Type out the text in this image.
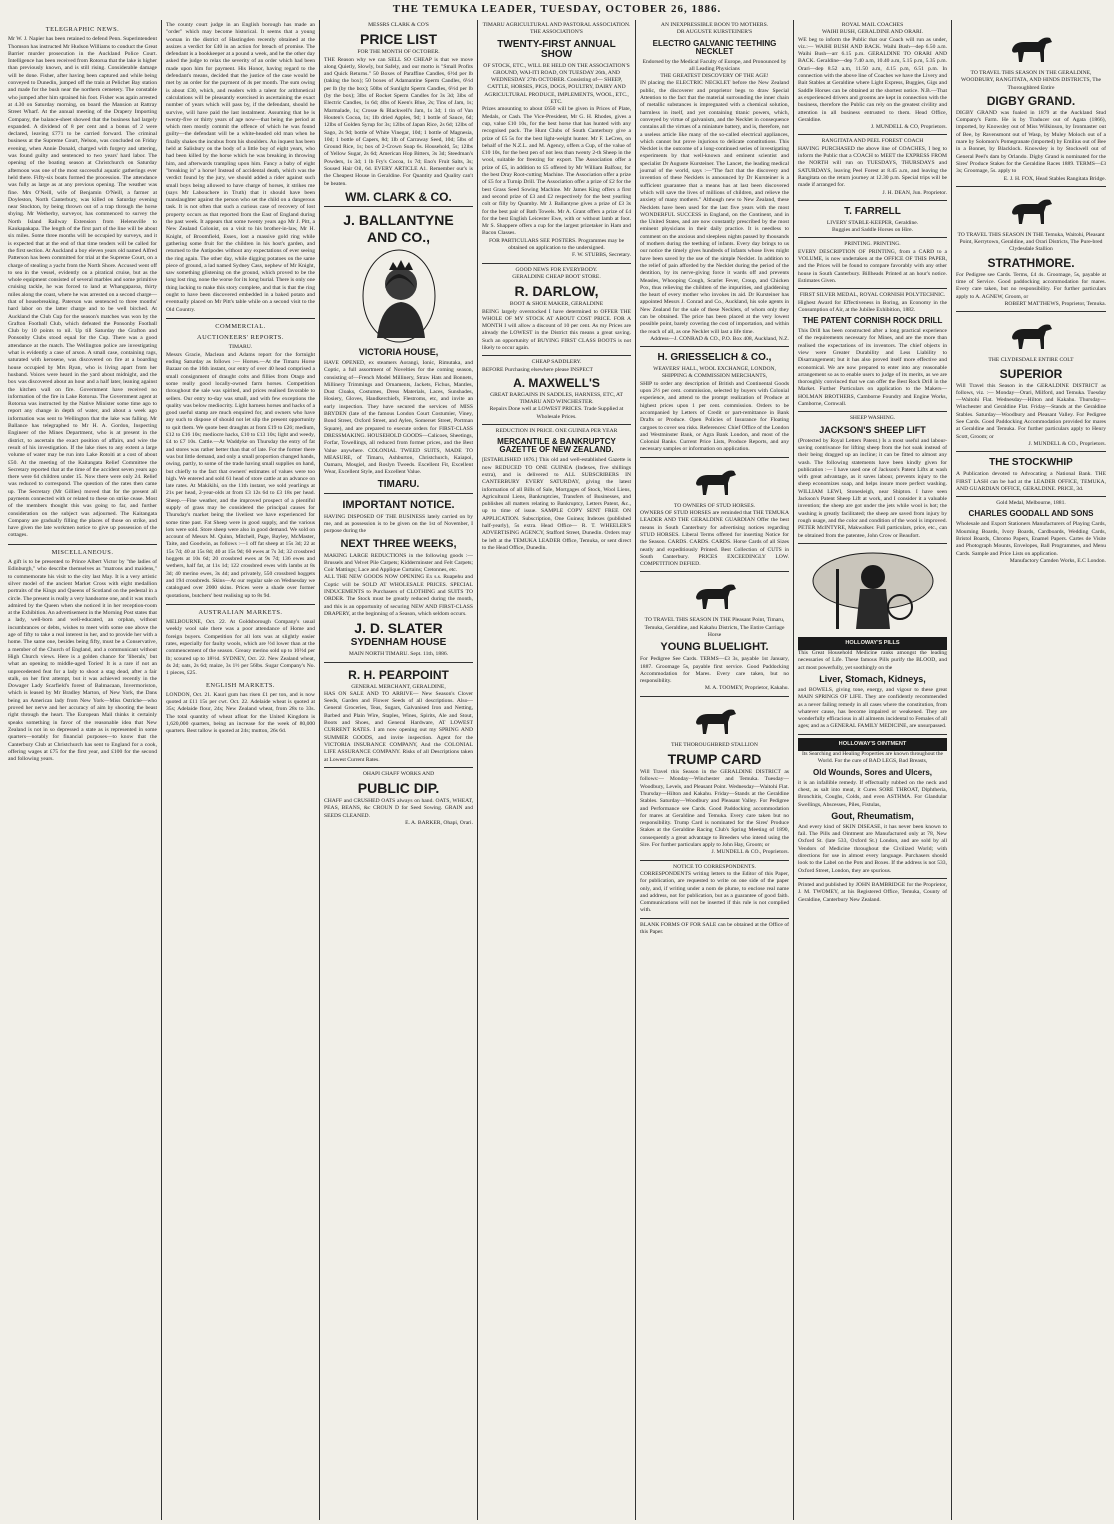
THE TEMUKA LEADER, TUESDAY, OCTOBER 26, 1886.
TELEGRAPHIC NEWS.
Mr W. J. Napier has been retained to defend Penn. Superintendent Thomson has instructed Mr Hudson Williams to conduct the Great Barrier murder prosecution in the Auckland Police Court. Intelligence has been received from Rotorua that the lake is higher than previously known, and is still rising. Considerable damage will be done. Fisher, after having been captured and while being conveyed to Dunedin, jumped off the train at Pelichet Bay station and made for the bush near the northern cemetery. The constable who jumped after him sprained his foot. Fisher was again arrested at 4.30 on Saturday morning, on board the Mansion at Rattray Street Wharf. At the annual meeting of the Drapery Importing Company, the balance-sheet showed that the business had largely expanded. A dividend of 8 per cent and a bonus of 2 were declared, leaving £771 to be carried forward. The criminal business at the Supreme Court, Nelson, was concluded on Friday evening, when Annie Donald, charged with forgery and uttering, was found guilty and sentenced to two years' hard labor. The opening of the boating season at Christchurch on Saturday afternoon was one of the most successful aquatic gatherings ever held there. Fifty-six boats formed the procession. The attendance was fully as large as at any previous opening. The weather was fine. Mrs O'Neill, wife of Benjamin O'Neill, a farmer at Doyleston, North Canterbury, was killed on Saturday evening near Stockton, by being thrown out of a trap through the horse shying. Mr Wetherby, surveyor, has commenced to survey the North Island Railway Extension from Helensville to Kaukapakapa. The length of the first part of the line will be about six miles. Some three months will be occupied by surveys, and it is expected that at the end of that time tenders will be called for the first section. At Auckland a boy eleven years old named Alfred Patterson has been committed for trial at the Supreme Court, on a charge of stealing a yacht from the North Shore. Accused went off to sea in the vessel, evidently on a piratical cruise, but as the whole equipment consisted of several marbles and some primitive cruising tackle, he was forced to land at Whangaparoa, thirty miles along the coast, where he was arrested on a second charge—that of housebreaking. Paterson was sentenced to three months' hard labor on the latter charge and to be well birched. At Auckland the Club Cup for the season's matches was won by the Grafton Football Club, which defeated the Ponsonby Football Club by 10 points to nil. Up till Saturday the Grafton and Ponsonby Clubs stood equal for the Cup. There was a good attendance at the match. The Wellington police are investigating what is evidently a case of arson. A small case, containing rags, saturated with kerosene, was discovered on fire at a boarding house occupied by Mrs Ryan, who is living apart from her husband. Voices were heard in the yard about midnight, and the box was discovered about an hour and a half later, leaning against the kitchen wall on fire. Government have received no information of the fire in Lake Rotorua. The Government agent at Rotorua was instructed by the Native Minister some time ago to report any change in depth of water, and about a week ago information was sent to Wellington that the lake was falling. Mr Ballance has telegraphed to Mr H. A. Gordon, Inspecting Engineer of the Mines Department, who is at present in the district, to ascertain the exact position of affairs, and wire the result of his investigation. If the lake rises to any extent a large volume of water may be run into Lake Rotoiti at a cost of about £50. At the meeting of the Kaitangata Relief Committee the Secretary reported that at the time of the accident seven years ago there were 64 children under 15. Now there were only 24. Relief was reduced to correspond. The question of the rates then came up. The Secretary (Mr Gillies) moved that for the present all payments connected with or related to these on strike cease. Most of the members thought this was going to far, and further consideration on the subject was adjourned. The Kaitangata Company are gradually filling the places of those on strike, and have given the late workmen notice to give up possession of the cottages.
MISCELLANEOUS.
A gift is to be presented to Prince Albert Victor by "the ladies of Edinburgh," who describe themselves as "matrons and maidens," to commemorate his visit to the city last May. It is a very artistic silver model of the ancient Market Cross with eight medallion portraits of the Kings and Queens of Scotland on the pedestal in a circle. The present is really a very handsome one, and it was much admired by the Queen when she noticed it in her reception-room at the Exhibition. An advertisement in the Morning Post states that a lady, well-born and well-educated, an orphan, without incumbrances or debts, wishes to meet with some one above the age of fifty to take a real interest in her, and to provide her with a home. The same one, besides being fifty, must be a Conservative, a member of the Church of England, and a communicant without High Church views. Here is a golden chance for 'liberals,' but what an opening to middle-aged Tories! It is a rare if not an unprecedented feat for a lady to shoot a stag dead, after a fair stalk, on her first attempt, but it was achieved recently in the Dowager Lady Scarfield's forest of Balmacaan, Invermoriston, which is leased by Mr Bradley Marton, of New York, the Dans being an American lady from New York—Miss Ostriche—who proved her nerve and her accuracy of aim by shooting the beast right through the heart. The European Mail thinks it certainly speaks something in favor of the reasonable idea that New Zealand is not in so depressed a state as is represented in some quarters—notably for financial purposes—to know that the Canterbury Club at Christchurch has sent to England for a cook, offering wages at £75 for the first year, and £100 for the second and following years.
The county court judge in an English borough has made an "order" which may become historical. It seems that a young woman in the district of Hastingden recently obtained at the assizes a verdict for £40 in an action for breach of promise. The defendant is a bookkeeper at a pound a week, and he the other day asked the judge to relax the severity of an order which had been made upon him for payment. His Honor, having regard to the defendant's means, decided that the justice of the case would be met by an order for the payment of 4s per month. The sum owing is about £30, which, and readers with a talent for arithmetical calculations will be pleasantly exercised in ascertaining the exact number of years which will pass by, if the defendant, should he survive, will have paid the last instalment. Assuming that he is twenty-five or thirty years of age now—that being the period at which men mostly commit the offence of which he was found guilty—the defendant will be a white-headed old man when he finally shakes the incubus from his shoulders. An inquest has been held at Salisbury on the body of a little boy of eight years, who had been killed by the horse which he was breaking in throwing him, and afterwards trampling upon him. Fancy a baby of eight "breaking in" a horse! Instead of accidental death, which was the verdict found by the jury, we should added a rider against such small boys being allowed to have charge of horses, it strikes me (says Mr Labouchere in Truth) that it should have been manslaughter against the person who set the child on a dangerous task. It is not often that such a curious case of recovery of lost property occurs as that reported from the East of England during the past week. It appears that some twenty years ago Mr J. Pitt, a New Zealand Colonist, on a visit to his brother-in-law, Mr H. Knight, of Broomfield, Essex, lost a massive gold ring while gathering some fruit for the children in his host's garden, and returned to the Antipodes without any expectations of ever seeing the ring again. The other day, while digging potatoes on the same piece of ground, a lad named Sydney Cass, nephew of Mr Knight, saw something glistening on the ground, which proved to be the long lost ring, none the worse for its long burial. There is only one thing lacking to make this story complete, and that is that the ring ought to have been discovered embedded in a baked potato and eventually placed on Mr Pitt's table while on a second visit to the Old Country.
COMMERCIAL.
AUCTIONEERS' REPORTS.
TIMARU.
Messrs Gracie, Maclean and Adams report for the fortnight ending Saturday as follows :— Horses.—At the Timaru Horse Bazaar on the 16th instant, our entry of over 40 head comprised a small consignment of draught colts and fillies from Otago and some really good locally-owned farm horses. Competition throughout the sale was spirited, and prices realised favorable to sellers. Our entry to-day was small, and with few exceptions the quality was below mediocrity. Light harness horses and hacks of a good useful stamp are much enquired for, and owners who have any such to dispose of should not let slip the present opportunity to quit them. We quote best draughts at from £19 to £26; medium, £12 to £16 10s; mediocre hacks, £10 to £13 10s; light and weedy, £4 to £7 10s. Cattle.—At Waddyke on Thursday the entry of fat and stores was rather better than that of late. For the former there was but little demand, and only a small proportion changed hands, owing, partly, to some of the trade having small supplies on hand, but chiefly to the fact that owners' estimates of values were too high. We entered and sold 61 head of store cattle at an advance on late rates. At Makikihi, on the 11th instant, we sold yearlings at 21s per head, 2-year-olds at from £3 12s 6d to £3 18s per head. Sheep.—Fine weather, and the improved prospect of a plentiful supply of grass may be considered the principal causes for Thursday's market being the liveliest we have experienced for some time past. Fat Sheep were in good supply, and the various lots were sold. Store sheep were also in good demand. We sold on account of Messrs M. Quinn, Mitchell, Page, Bayley, McMaster, Taite, and Goodwin, as follows :—1 off fat sheep at 15s 3d; 22 at 15s 7d; 40 at 15s 8d; 40 at 15s 9d; 60 ewes at 7s 3d; 32 crossbred hoggets at 10s 6d; 20 crossbred ewes at 9s 7d; 136 ewes and wethers, half fat, at 11s 1d; 122 crossbred ewes with lambs at 8s 3d; 40 merino ewes, 3s 4d; and privately, 550 crossbred hoggets and 194 crossbreds. Skins—At our regular sale on Wednesday we catalogued over 2000 skins. Prices were a shade over former quotations, butchers' best realising up to 8s 9d.
AUSTRALIAN MARKETS.
MELBOURNE, Oct. 22. At Goldsborough Company's usual weekly wool sale there was a poor attendance of Home and foreign buyers. Competition for all lots was at slightly easier rates, especially for faulty wools, which are ½d lower than at the commencement of the season. Greasy merino sold up to 10½d per lb; scoured up to 18½d. SYDNEY, Oct. 22. New Zealand wheat, 4s 2d; oats, 2s 6d; maize, 3s 1½ per 56lbs. Sugar Company's No. 1 pieces, £25.
ENGLISH MARKETS.
LONDON, Oct. 21. Kauri gum has risen £1 per ton, and is now quoted at £11 15s per cwt. Oct. 22. Adelaide wheat is quoted at 35s; Adelaide flour, 24s; New Zealand wheat, from 28s to 33s. The total quantity of wheat afloat for the United Kingdom is 1,620,000 quarters, being an increase for the week of 80,000 quarters. Best tallow is quoted at 24s; mutton, 26s 6d.
MESSRS CLARK & CO'S
PRICE LIST
FOR THE MONTH OF OCTOBER.
THE Reason why we can SELL SO CHEAP is that we move along Quietly, Slowly, but Safely, and our motto is "Small Profits and Quick Returns." 50 Boxes of Paraffine Candles, 6½d per lb (taking the box); 50 boxes of Adamantine Sperm Candles, 6½d per lb (by the box); 50lbs of Sunlight Sperm Candles, 6½d per lb (by the box); 3lbs of Rocket Sperm Candles for 3s 3d; 3lbs of Electric Candles, 1s 6d; 4lbs of Keen's Blue, 2s; Tins of Jam, 1s; Marmalade, 1s; Crosse & Blackwell's Jam, 1s 3d; 1 tin of Van Houten's Cocoa, 1s; 1lb dried Apples, 9d; 1 bottle of Sauce, 6d; 12lbs of Golden Syrup for 3s; 12lbs of Japan Rice, 2s 6d; 12lbs of Sago, 2s 9d; bottle of White Vinegar, 10d; 1 bottle of Magnesia, 10d; 1 bottle of Capers, 8d; 1lb of Carraway Seed, 10d; 5lbs of Ground Rice, 1s; box of 2-Crown Soap 6s. Household, 5s; 12lbs of Yellow Sugar, 2s 6d; American Hop Bitters, 3s 3d; Steedman's Powders, 1s 3d; 1 lb Fry's Cocoa, 1s 7d; Eno's Fruit Salts, 3s; Soused Hair Oil, 6d. EVERY ARTICLE A1. Remember our's is the Cheapest House in Geraldine. For Quantity and Quality can't be beaten.
WM. CLARK & CO.
J. BALLANTYNE
AND CO.,
VICTORIA HOUSE,
HAVE OPENED, ex steamers Aorangi, Ionic, Rimutaka, and Coptic, a full assortment of Novelties for the coming season, consisting of—French Model Millinery, Straw Hats and Bonnets, Millinery Trimmings and Ornaments, Jackets, Fichus, Mantles, Dust Cloaks, Costumes, Dress Materials, Laces, Sunshades, Hosiery, Gloves, Handkerchiefs, Flestroms, etc, and invite an early inspection. They have secured the services of MISS BRYDEN (late of the famous London Court Costumier, Viney, Bond Street, Oxford Street, and Aylen, Somerset Street, Portman Square), and are prepared to execute orders for FIRST-CLASS DRESSMAKING. HOUSEHOLD GOODS—Calicoes, Sheetings, Forfar, Towellings, all reduced from former prices, and the Best Value anywhere. COLONIAL TWEED SUITS, MADE TO MEASURE, of Timaru, Ashburton, Christchurch, Kaiapoi, Oamaru, Mosgiel, and Roslyn Tweeds. Excellent Fit, Excellent Wear, Excellent Style, and Excellent Value.
TIMARU.
IMPORTANT NOTICE.
HAVING DISPOSED OF THE BUSINESS lately carried on by me, and as possession is to be given on the 1st of November, I purpose during the
NEXT THREE WEEKS,
MAKING LARGE REDUCTIONS in the following goods :— Brussels and Velvet Pile Carpets; Kidderminster and Felt Carpets; Coir Mattings; Lace and Applique Curtains; Cretonnes, etc.
ALL THE NEW GOODS NOW OPENING Ex s.s. Ruapehu and Coptic will be SOLD AT WHOLESALE PRICES. SPECIAL INDUCEMENTS to Purchasers of CLOTHING and SUITS TO ORDER. The Stock must be greatly reduced during the month, and this is an opportunity of securing NEW AND FIRST-CLASS DRAPERY, at the beginning of a Season, which seldom occurs.
J. D. SLATER
SYDENHAM HOUSE
MAIN NORTH TIMARU. Sept. 11th, 1886.
R. H. PEARPOINT
GENERAL MERCHANT, GERALDINE,
HAS ON SALE AND TO ARRIVE— New Season's Clover Seeds, Garden and Flower Seeds of all descriptions. Also— General Groceries, Teas, Sugars, Galvanised Iron and Netting, Barbed and Plain Wire, Staples, Wines, Spirits, Ale and Stout, Boots and Shoes, and General Hardware, AT LOWEST CURRENT RATES. I am now opening out my SPRING AND SUMMER GOODS, and invite inspection. Agent for the VICTORIA INSURANCE COMPANY, And the COLONIAL LIFE ASSURANCE COMPANY. Risks of all Descriptions taken at Lowest Current Rates.
OHAPI CHAFF WORKS AND
PUBLIC DIP.
CHAFF and CRUSHED OATS always on hand. OATS, WHEAT, PEAS, BEANS, &c CROUN D for Seed Sowing. GRAIN and SEEDS CLEANED.
E. A. BARKER, Ohapi, Orari.
TIMARU AGRICULTURAL AND PASTORAL ASSOCIATION.
THE ASSOCIATION'S
TWENTY-FIRST ANNUAL SHOW
OF STOCK, ETC., WILL BE HELD ON THE ASSOCIATION'S GROUND, WAI-ITI ROAD, ON TUESDAY 26th, AND WEDNESDAY 27th OCTOBER. Consisting of— SHEEP, CATTLE, HORSES, PIGS, DOGS, POULTRY, DAIRY AND AGRICULTURAL PRODUCE, IMPLEMENTS, WOOL, ETC., ETC.
Prizes amounting to about £650 will be given in Prices of Plate, Medals, or Cash. The Vice-President, Mr G. H. Rhodes, gives a cup, value £10 10s, for the best horse that has hunted with any recognised pack. The Hunt Clubs of South Canterbury give a prize of £5 5s for the best light-weight hunter. Mr F. LeCren, on behalf of the N.Z.L. and M. Agency, offers a Cup, of the value of £10 10s, for the best pen of not less than twenty 2-th Sheep in the wool, suitable for freezing for export. The Association offer a prize of £5, in addition to £5 offered by Mr William Balfour, for the best Dray Root-cutting Machine. The Association offer a prize of £5 for a Turnip Drill. The Association offer a prize of £2 for the best Grass Seed Sowing Machine. Mr James King offers a first and second prize of £3 and £2 respectively for the best yearling colt or filly by Quamby. Mr J. Ballantyne gives a prize of £3 3s for the best pair of Bath Towels. Mr A. Grant offers a prize of £4 for the best English Leicester Ewe, with or without lamb at foot. Mr S. Shappere offers a cup for the largest prizetaker in Ham and Bacon Classes.
FOR PARTICULARS SEE POSTERS. Programmes may be obtained on application to the undersigned.
F. W. STUBBS, Secretary.
GOOD NEWS FOR EVERYBODY.
GERALDINE CHEAP BOOT STORE.
R. DARLOW,
BOOT & SHOE MAKER, GERALDINE
BEING largely overstocked I have determined to OFFER THE WHOLE OF MY STOCK AT ABOUT COST PRICE. FOR A MONTH I will allow a discount of 10 per cent. As my Prices are already the LOWEST in the District this means a great saving. Such an opportunity of BUYING FIRST CLASS BOOTS is not likely to occur again.
CHEAP SADDLERY.
BEFORE Purchasing elsewhere please INSPECT
A. MAXWELL'S
GREAT BARGAINS IN SADDLES, HARNESS, ETC, AT TIMARU AND WINCHESTER.
Repairs Done well at LOWEST PRICES. Trade Supplied at Wholesale Prices.
REDUCTION IN PRICE. ONE GUINEA PER YEAR
MERCANTILE & BANKRUPTCY GAZETTE OF NEW ZEALAND.
[ESTABLISHED 1876.] This old and well-established Gazette is now REDUCED TO ONE GUINEA (Indexes, five shillings extra), and is delivered to ALL SUBSCRIBERS IN CANTERBURY EVERY SATURDAY, giving the latest information of all Bills of Sale, Mortgages of Stock, Wool Liens, Agricultural Liens, Bankruptcies, Transfers of Businesses, and publishes all matters relating to Bankruptcy, Letters Patent, &c., up to time of issue. SAMPLE COPY SENT FREE ON APPLICATION. Subscription, One Guinea; Indexes (published half-yearly), 5s extra. Head Office— R. T. WHEELER'S ADVERTISING AGENCY, Stafford Street, Dunedin. Orders may be left at the TEMUKA LEADER Office, Temuka, or sent direct to the Head Office, Dunedin.
AN INEXPRESSIBLE BOON TO MOTHERS.
DR AUGUSTE KURSTEINER'S
ELECTRO GALVANIC TEETHING NECKLET
Endorsed by the Medical Faculty of Europe, and Pronounced by all Leading Physicians
THE GREATEST DISCOVERY OF THE AGE!
IN placing the ELECTRIC NECKLET before the New Zealand public, the discoverer and proprietor begs to draw Special Attention to the fact that the material surrounding the inner chain of metallic substances is impregnated with a chemical solution, harmless in itself, and yet containing titanic powers, which, conveyed by virtue of galvanism, and the Necklet in consequence contains all the virtues of a miniature battery, and is, therefore, not a useless article like many of the so-called electrical appliances, which cannot but prove injurious to delicate constitutions. This Necklet is the outcome of a long-continued series of investigating experiments by that well-known and eminent scientist and specialist Dr Auguste Kursteiner. The Lancet, the leading medical journal of the world, says :—"The fact that the discovery and invention of these Necklets is announced by Dr Kursteiner is a sufficient guarantee that a means has at last been discovered which will save the lives of millions of children, and relieve the anxiety of many mothers." Although new to New Zealand, these Necklets have been used for the last five years with the most WONDERFUL SUCCESS in England, on the Continent, and in the United States, and are now constantly prescribed by the most eminent physicians in their daily practice. It is needless to comment on the anxious and sleepless nights passed by thousands of mothers during the teething of infants. Every day brings to us our notice the timely gives hundreds of infants whose lives might have been saved by the use of the simple Necklet. In addition to the relief of pain afforded by the Necklet during the period of the dentition, by its nerve-giving force it wards off and prevents Measles, Whooping Cough, Scarlet Fever, Croup, and Chicken Pox, thus relieving the children of the impurities, and gladdening the heart of every mother who invokes its aid. Dr Kursteiner has appointed Messrs J. Conrad and Co., Auckland, his sole agents in New Zealand for the sale of these Necklets, of whom only they can be obtained. The price has been placed at the very lowest possible point, barely covering the cost of importation, and within the reach of all, as one Necklet will last a life time.
Address—J. CONRAD & CO., P.O. Box 408, Auckland, N.Z.
H. GRIESSELICH & CO.,
WEAVERS' HALL, WOOL EXCHANGE, LONDON, SHIPPING & COMMISSION MERCHANTS,
SHIP to order any description of British and Continental Goods upon 2½ per cent. commission, selected by buyers with Colonial experience, and attend to the prompt realization of Produce at highest prices upon 1 per cent. commission. Orders to be accompanied by Letters of Credit or part-remittance in Bank Drafts or Produce. Open Policies of Insurance for Floating cargoes to cover sea risks. References: Chief Office of the London and Westminster Bank, or Agra Bank London, and most of the Colonial Banks. Current Price Lists, Produce Reports, and any necessary samples or information on application.
TO OWNERS OF STUD HORSES.
OWNERS OF STUD HORSES are reminded that THE TEMUKA LEADER AND THE GERALDINE GUARDIAN Offer the best means in South Canterbury for advertising notices regarding STUD HORSES. Liberal Terms offered for inserting Notice for the Season. CARDS. CARDS. CARDS. Horse Cards of all Sizes neatly and expeditiously Printed. Best Collection of CUTS in South Canterbury. PRICES EXCEEDINGLY LOW. COMPETITION DEFIED.
TO TRAVEL THIS SEASON IN THE Pleasant Point, Timaru, Temuka, Geraldine, and Kakahu Districts, The Entire Carriage Horse
YOUNG BLUELIGHT.
For Pedigree See Cards. TERMS—£3 3s, payable 1st January, 1887. Groomage 5s, payable first service. Good Paddocking Accommodation for Mares. Every care taken, but no responsibility.
M. A. TOOMEY, Proprietor, Kakahu.
THE THOROUGHBRED STALLION
TRUMP CARD
Will Travel this Season in the GERALDINE DISTRICT as follows:— Monday—Winchester and Temuka. Tuesday—Woodbury, Levels, and Pleasant Point. Wednesday—Waitohi Flat. Thursday—Hilton and Kakahu. Friday—Stands at the Geraldine Stables. Saturday—Woodbury and Pleasant Valley. For Pedigree and Performance see Cards. Good Paddocking accommodation for mares at Geraldine and Temuka. Every care taken but no responsibility. Trump Card is nominated for the Sires' Produce Stakes at the Geraldine Racing Club's Spring Meeting of 1890, consequently a great advantage to Breeders who intend using the Sire. For further particulars apply to John Hay, Groom; or
J. MUNDELL & CO., Proprietors.
NOTICE TO CORRESPONDENTS.
CORRESPONDENTS writing letters to the Editor of this Paper, for publication, are requested to write on one side of the paper only, and, if writing under a nom de plume, to enclose real name and address, not for publication, but as a guarantee of good faith. Communications will not be inserted if this rule is not complied with.
BLANK FORMS OF FOR SALE can be obtained at the Office of this Paper.
ROYAL MAIL COACHES
WAIHI BUSH, GERALDINE AND ORARI.
WE beg to inform the Public that our Coach will run as under, viz.:— WAIHI BUSH AND BACK. Waihi Bush—dep 6.50 a.m. Waihi Bush—arr 6.15 p.m. GERALDINE TO ORARI AND BACK. Geraldine—dep 7.40 a.m, 10.40 a.m, 5.15 p.m, 5.35 p.m. Orari—dep 8.52 a.m, 11.50 a.m, 4.15 p.m, 6.51 p.m. In connection with the above line of Coaches we have the Livery and Bait Stables at Geraldine where Light Express, Buggies, Gigs and Saddle Horses can be obtained at the shortest notice. N.B.—That as experienced drivers and grooms are kept in connection with the business, therefore the Public can rely on the greatest civility and attention in all business entrusted to them. Head Office, Geraldine.
J. MUNDELL & CO, Proprietors.
RANGITATA AND PEEL FOREST COACH
HAVING PURCHASED the above line of COACHES, I beg to inform the Public that a COACH to MEET the EXPRESS FROM the NORTH will run on TUESDAYS, THURSDAYS and SATURDAYS, leaving Peel Forest at 8.45 a.m, and leaving the Rangitata on the return journey at 12.30 p.m. Special trips will be made if arranged for.
J. H. DEAN, Jun. Proprietor.
T. FARRELL
LIVERY STABLE-KEEPER, Geraldine.
Buggies and Saddle Horses on Hire.
PRINTING. PRINTING.
EVERY DESCRIPTION OF PRINTING, from a CARD to a VOLUME, is now undertaken at the OFFICE OF THIS PAPER, and the Prices will be found to compare favorably with any other house in South Canterbury. Billheads Printed at an hour's notice. Estimates Given.
FIRST SILVER MEDAL, ROYAL CORNISH POLYTECHNIC.
Highest Award for Effectiveness in Boring, an Economy in the Consumption of Air, at the Jubilee Exhibition, 1882.
THE PATENT CORNISH ROCK DRILL
This Drill has been constructed after a long practical experience of the requirements necessary for Mines, and are the more than realised the expectations of its inventors. The chief objects in view were Greater Durability and Less Liability to Disarrangement; but it has also proved itself more effective and economical. We are now prepared to enter into any reasonable arrangement so as to enable users to judge of its merits, as we are thoroughly convinced that we can offer the Best Rock Drill in the Market. Further Particulars on application to the Makers— HOLMAN BROTHERS, Camborne Foundry and Engine Works, Camborne, Cornwall.
SHEEP WASHING.
JACKSON'S SHEEP LIFT
(Protected by Royal Letters Patent.) Is a most useful and labour-saving contrivance for lifting sheep from the hot soak instead of their being dragged up an incline; it can be fitted to almost any wash. The following statements have been kindly given for publication :— I have used one of Jackson's Patent Lifts at wash with great advantage, as it saves labour, prevents injury to the sheep economizes soap, and helps insure more perfect washing. WILLIAM LEWI, Stonesleigh, near Shipton. I have seen Jackson's Patent Sheep Lift at work, and I consider it a valuable invention; the sheep are got under the jets while wool is hot; the washing is greatly facilitated; the sheep are saved from injury by rough usage, and the color and condition of the wool is improved. PETER McINTYRE, Makwalker. Full particulars, price, etc., can be obtained from the patentee, John Crow or Beaufort.
HOLLOWAY'S PILLS
This Great Household Medicine ranks amongst the leading necessaries of Life. These famous Pills purify the BLOOD, and act most powerfully, yet soothingly on the
Liver, Stomach, Kidneys,
and BOWELS, giving tone, energy, and vigour to these great MAIN SPRINGS OF LIFE. They are confidently recommended as a never failing remedy in all cases where the constitution, from whatever cause, has become impaired or weakened. They are wonderfully efficacious in all ailments incidental to Females of all ages; and as a GENERAL FAMILY MEDICINE, are unsurpassed.
HOLLOWAY'S OINTMENT
Its Searching and Healing Properties are known throughout the World. For the cure of BAD LEGS, Bad Breasts,
Old Wounds, Sores and Ulcers,
it is an infallible remedy. If effectually rubbed on the neck and chest, as salt into meat, it Cures SORE THROAT, Diphtheria, Bronchitis, Coughs, Colds, and even ASTHMA. For Glandular Swellings, Abscesses, Piles, Fistulas,
Gout, Rheumatism,
And every kind of SKIN DISEASE, it has never been known to fail. The Pills and Ointment are Manufactured only at 78, New Oxford St. (late 533, Oxford St.) London, and are sold by all Vendors of Medicine throughout the Civilized World; with directions for use in almost every language. Purchasers should look to the Label on the Pots and Boxes. If the address is not 533, Oxford Street, London, they are spurious.
Printed and published by JOHN BAMBRIDGE for the Proprietor, J. M. TWOMEY, at his Registered Office, Temuka, County of Geraldine, Canterbury New Zealand.
TO TRAVEL THIS SEASON IN THE GERALDINE, WOODBURY, RANGITATA, AND HINDS DISTRICTS, The Thoroughbred Entire
DIGBY GRAND.
DIGBY GRAND was foaled in 1879 at the Auckland Stud Company's Farm. He is by Traducer out of Agata (1866), imported, by Knowsley out of Miss Wilkinson, by Ironmaster out of Bee, by Ravensmont out of Wasp, by Muley Moloch out of a mare by Solomon's Pomegranate (imported) by Emilius out of Bee in a Bonnet, by Blacklock. Knowsley is by Stockwell out of General Peel's dam by Orlando. Digby Grand is nominated for the Sires' Produce Stakes for the Geraldine Races 1889. TERMS—£3 3s; Groomage, 5s. apply to
E. J. H. FOX, Head Stables Rangitata Bridge.
TO TRAVEL THIS SEASON IN THE Temuka, Waitohi, Pleasant Point, Kerrytown, Geraldine, and Orari Districts, The Pure-bred Clydesdale Stallion
STRATHMORE.
For Pedigree see Cards. Terms, £4 4s. Groomage, 5s, payable at time of Service. Good paddocking accommodation for mares. Every care taken, but no responsibility. For further particulars apply to A. AGNEW, Groom, or
ROBERT MATTHEWS, Proprietor, Temuka.
THE CLYDESDALE ENTIRE COLT
SUPERIOR
Will Travel this Season in the GERALDINE DISTRICT as follows, viz. :— Monday—Orari, Milford, and Temuka. Tuesday—Waitohi Flat. Wednesday—Hilton and Kakahu. Thursday—Winchester and Geraldine Flat. Friday—Stands at the Geraldine Stables. Saturday—Woodbury and Pleasant Valley. For Pedigree See Cards. Good Paddocking Accommodation provided for mares at Geraldine and Temuka. For further particulars apply to Henry Scott, Groom; or
J. MUNDELL & CO., Proprietors.
THE STOCKWHIP
A Publication devoted to Advocating a National Bank. THE FIRST LASH can be had at the LEADER OFFICE, TEMUKA, AND GUARDIAN OFFICE, GERALDINE. PRICE, 3d.
Gold Medal, Melbourne, 1881.
CHARLES GOODALL AND SONS
Wholesale and Export Stationers Manufacturers of Playing Cards, Mourning Boards, Ivory Boards, Cardboards, Wedding Cards, Bristol Boards, Chromo Papers, Enamel Papers. Cartes de Visite and Photograph Mounts, Envelopes, Ball Programmes, and Menu Cards. Sample and Price Lists on application.
Manufactory Camden Works, E.C London.
